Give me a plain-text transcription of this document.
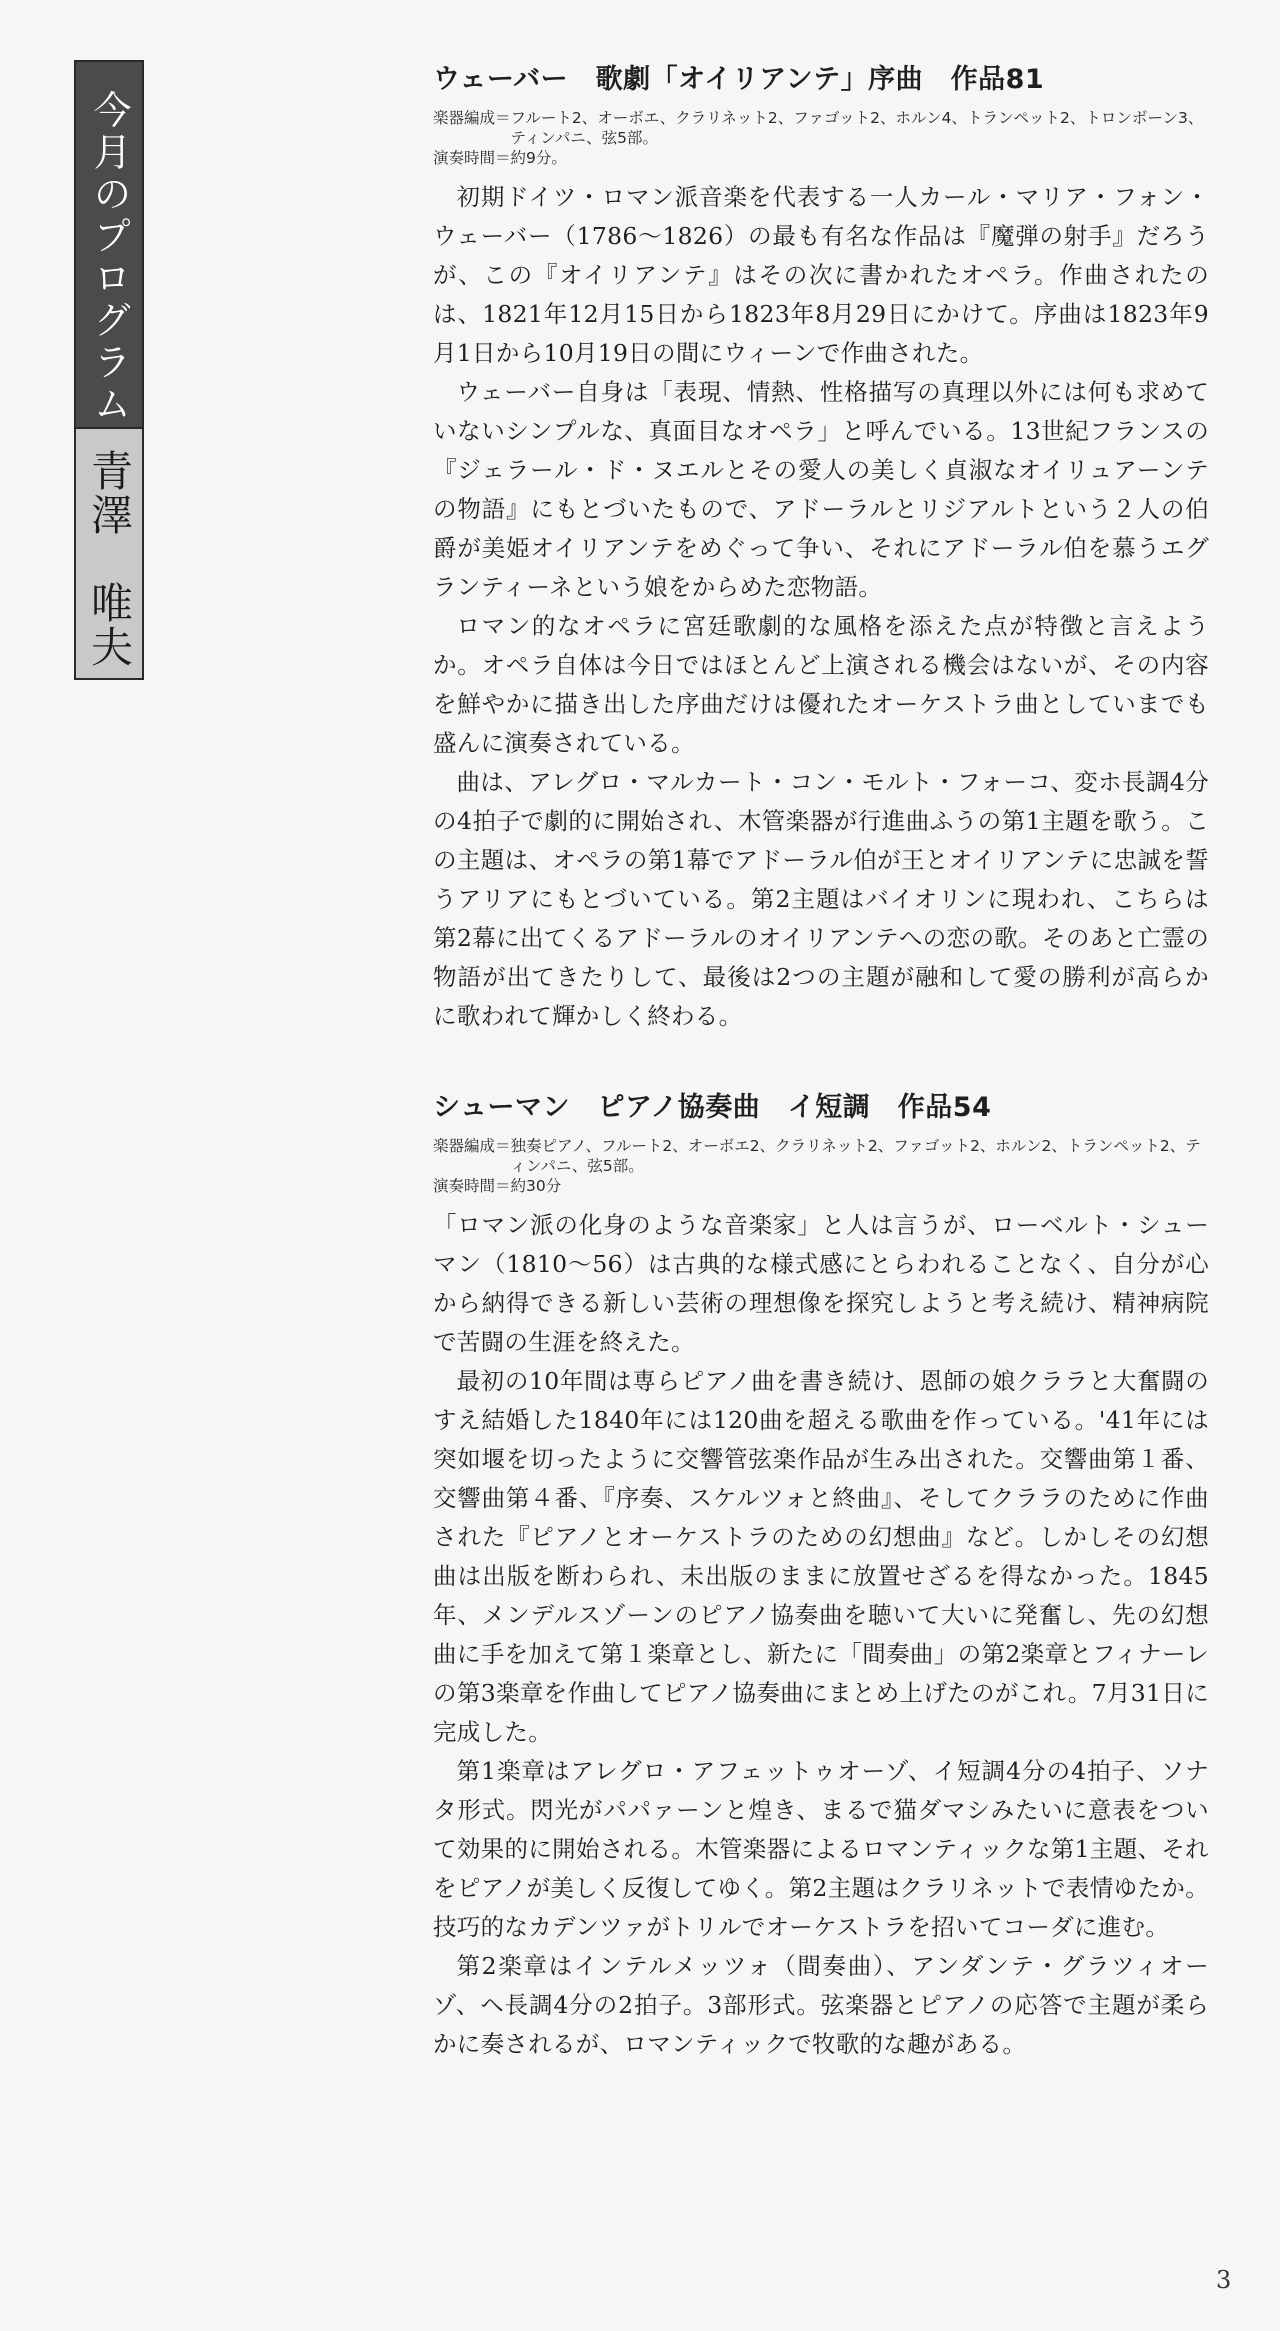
今月のプログラム
青澤　唯夫
ウェーバー　歌劇「オイリアンテ」序曲　作品81
楽器編成＝ フルート2、オーボエ、クラリネット2、ファゴット2、ホルン4、トランペット2、トロンボーン3、ティンパニ、弦5部。
演奏時間＝ 約9分。

初期ドイツ・ロマン派音楽を代表する一人カール・マリア・フォン・ウェーバー（1786～1826）の最も有名な作品は『魔弾の射手』だろうが、この『オイリアンテ』はその次に書かれたオペラ。作曲されたのは、1821年12月15日から1823年8月29日にかけて。序曲は1823年9月1日から10月19日の間にウィーンで作曲された。

ウェーバー自身は「表現、情熱、性格描写の真理以外には何も求めていないシンプルな、真面目なオペラ」と呼んでいる。13世紀フランスの『ジェラール・ド・ヌエルとその愛人の美しく貞淑なオイリュアーンテの物語』にもとづいたもので、アドーラルとリジアルトという２人の伯爵が美姫オイリアンテをめぐって争い、それにアドーラル伯を慕うエグランティーネという娘をからめた恋物語。

ロマン的なオペラに宮廷歌劇的な風格を添えた点が特徴と言えようか。オペラ自体は今日ではほとんど上演される機会はないが、その内容を鮮やかに描き出した序曲だけは優れたオーケストラ曲としていまでも盛んに演奏されている。

曲は、アレグロ・マルカート・コン・モルト・フォーコ、変ホ長調4分の4拍子で劇的に開始され、木管楽器が行進曲ふうの第1主題を歌う。この主題は、オペラの第1幕でアドーラル伯が王とオイリアンテに忠誠を誓うアリアにもとづいている。第2主題はバイオリンに現われ、こちらは第2幕に出てくるアドーラルのオイリアンテへの恋の歌。そのあと亡霊の物語が出てきたりして、最後は2つの主題が融和して愛の勝利が高らかに歌われて輝かしく終わる。

シューマン　ピアノ協奏曲　イ短調　作品54
楽器編成＝ 独奏ピアノ、フルート2、オーボエ2、クラリネット2、ファゴット2、ホルン2、トランペット2、ティンパニ、弦5部。
演奏時間＝ 約30分

「ロマン派の化身のような音楽家」と人は言うが、ローベルト・シューマン（1810～56）は古典的な様式感にとらわれることなく、自分が心から納得できる新しい芸術の理想像を探究しようと考え続け、精神病院で苦闘の生涯を終えた。

最初の10年間は専らピアノ曲を書き続け、恩師の娘クララと大奮闘のすえ結婚した1840年には120曲を超える歌曲を作っている。'41年には突如堰を切ったように交響管弦楽作品が生み出された。交響曲第１番、交響曲第４番、『序奏、スケルツォと終曲』、そしてクララのために作曲された『ピアノとオーケストラのための幻想曲』など。しかしその幻想曲は出版を断わられ、未出版のままに放置せざるを得なかった。1845年、メンデルスゾーンのピアノ協奏曲を聴いて大いに発奮し、先の幻想曲に手を加えて第１楽章とし、新たに「間奏曲」の第2楽章とフィナーレの第3楽章を作曲してピアノ協奏曲にまとめ上げたのがこれ。7月31日に完成した。

第1楽章はアレグロ・アフェットゥオーゾ、イ短調4分の4拍子、ソナタ形式。閃光がパパァーンと煌き、まるで猫ダマシみたいに意表をついて効果的に開始される。木管楽器によるロマンティックな第1主題、それをピアノが美しく反復してゆく。第2主題はクラリネットで表情ゆたか。技巧的なカデンツァがトリルでオーケストラを招いてコーダに進む。

第2楽章はインテルメッツォ（間奏曲）、アンダンテ・グラツィオーゾ、ヘ長調4分の2拍子。3部形式。弦楽器とピアノの応答で主題が柔らかに奏されるが、ロマンティックで牧歌的な趣がある。

3
